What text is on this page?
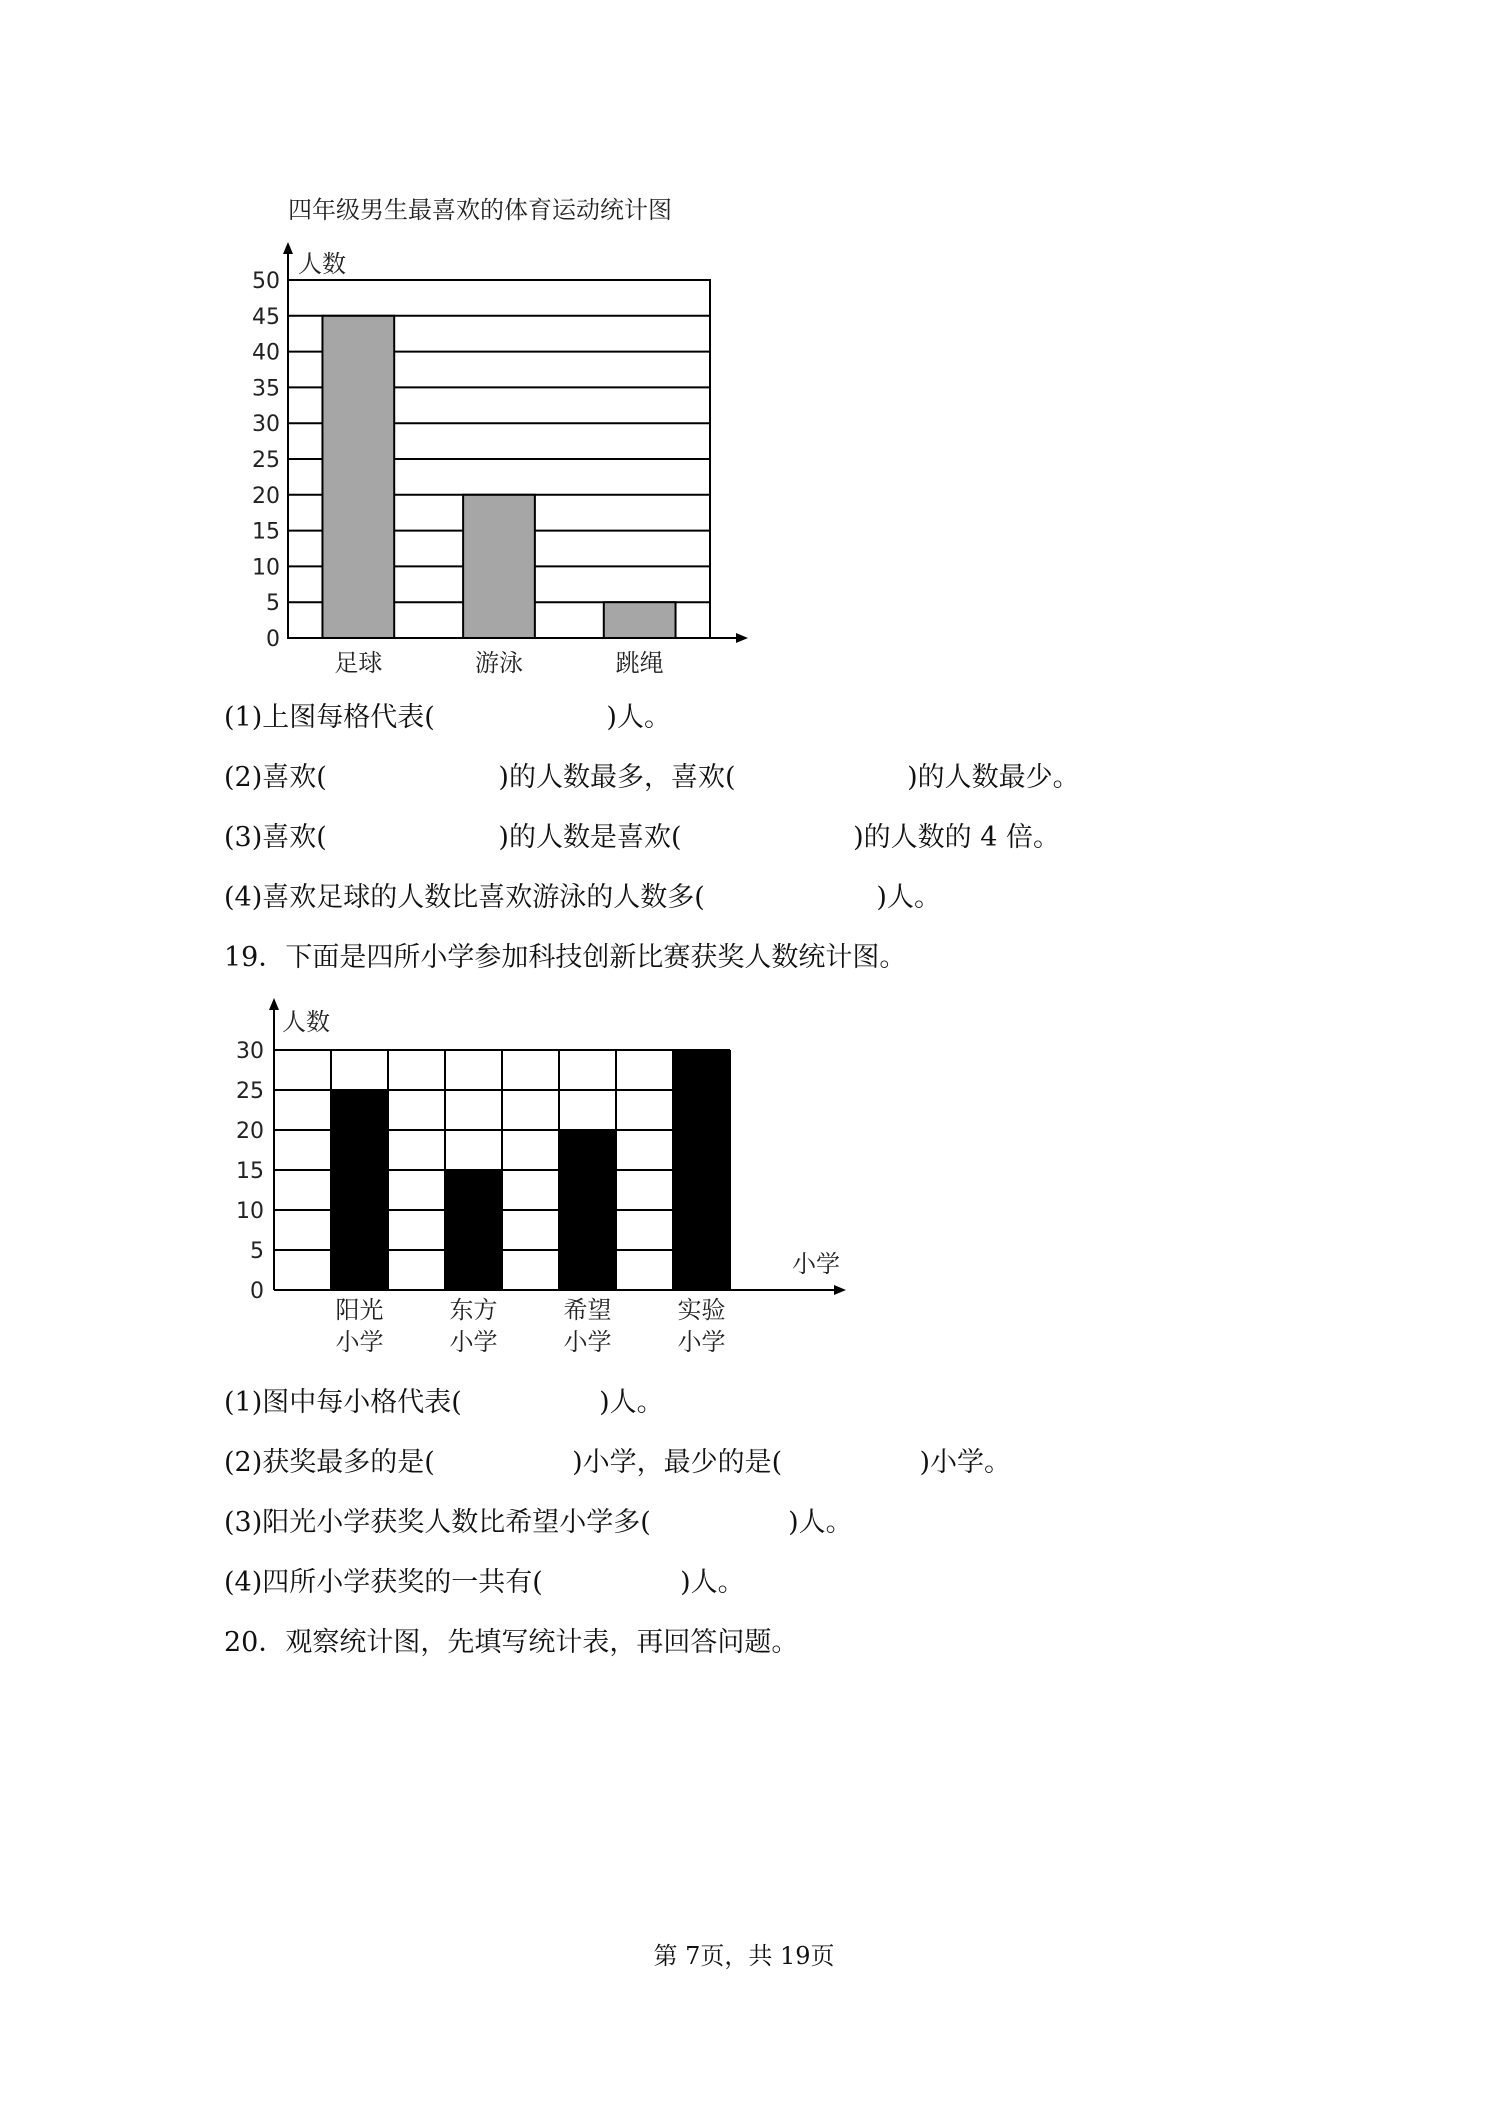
四年级男生最喜欢的体育运动统计图
人数
0
5
10
15
20
25
30
35
40
45
50
足球	游泳	跳绳
(1)上图每格代表(                    )人。
(2)喜欢(                    )的人数最多，喜欢(                    )的人数最少。
(3)喜欢(                    )的人数是喜欢(                    )的人数的 4 倍。
(4)喜欢足球的人数比喜欢游泳的人数多(                    )人。
19．下面是四所小学参加科技创新比赛获奖人数统计图。
人数
小学
0
5
10
15
20
25
30
阳光
小学
东方
小学
希望
小学
实验
小学
(1)图中每小格代表(                )人。
(2)获奖最多的是(                )小学，最少的是(                )小学。
(3)阳光小学获奖人数比希望小学多(                )人。
(4)四所小学获奖的一共有(                )人。
20．观察统计图，先填写统计表，再回答问题。
第 7页，共 19页
